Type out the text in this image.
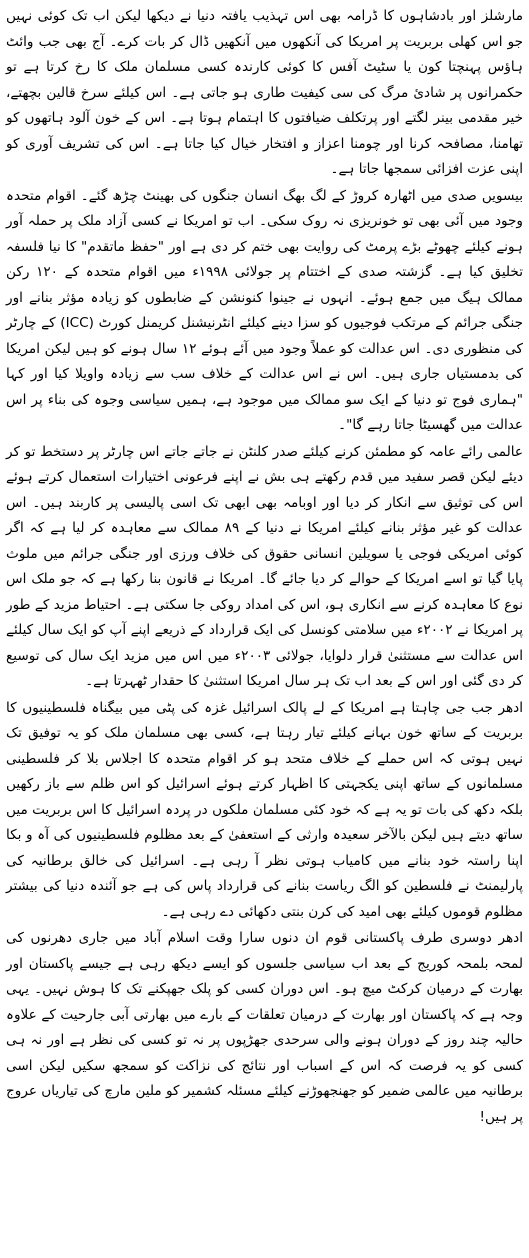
مارشلز اور بادشاہوں کا ڈرامہ بھی اس تہذیب یافتہ دنیا نے دیکھا لیکن اب تک کوئی نہیں جو اس کھلی بربریت پر امریکا کی آنکھوں میں آنکھیں ڈال کر بات کرے۔ آج بھی جب وائٹ ہاؤس پہنچتا کون یا سٹیٹ آفس کا کوئی کارندہ کسی مسلمان ملک کا رخ کرتا ہے تو حکمرانوں پر شادیٔ مرگ کی سی کیفیت طاری ہو جاتی ہے۔ اس کیلئے سرخ قالین بچھتے، خیر مقدمی بینر لگتے اور پرتکلف ضیافتوں کا اہتمام ہوتا ہے۔ اس کے خون آلود ہاتھوں کو تھامنا، مصافحہ کرنا اور چومنا اعزاز و افتخار خیال کیا جاتا ہے۔ اس کی تشریف آوری کو اپنی عزت افزائی سمجھا جاتا ہے۔

بیسویں صدی میں اٹھارہ کروڑ کے لگ بھگ انسان جنگوں کی بھینٹ چڑھ گئے۔ اقوام متحدہ وجود میں آئی بھی تو خونریزی نہ روک سکی۔ اب تو امریکا نے کسی آزاد ملک پر حملہ آور ہونے کیلئے چھوٹے بڑے پرمٹ کی روایت بھی ختم کر دی ہے اور "حفظ ماتقدم" کا نیا فلسفہ تخلیق کیا ہے۔ گزشتہ صدی کے اختتام پر جولائی ۱۹۹۸ء میں اقوام متحدہ کے ۱۲۰ رکن ممالک ہیگ میں جمع ہوئے۔ انہوں نے جینوا کنونشن کے ضابطوں کو زیادہ مؤثر بنانے اور جنگی جرائم کے مرتکب فوجیوں کو سزا دینے کیلئے انٹرنیشنل کریمنل کورٹ (ICC) کے چارٹر کی منظوری دی۔ اس عدالت کو عملاً وجود میں آئے ہوئے ۱۲ سال ہونے کو ہیں لیکن امریکا کی بدمستیاں جاری ہیں۔ اس نے اس عدالت کے خلاف سب سے زیادہ واویلا کیا اور کہا "ہماری فوج تو دنیا کے ایک سو ممالک میں موجود ہے، ہمیں سیاسی وجوہ کی بناء پر اس عدالت میں گھسیٹا جاتا رہے گا"۔

عالمی رائے عامہ کو مطمئن کرنے کیلئے صدر کلنٹن نے جاتے جاتے اس چارٹر پر دستخط تو کر دیئے لیکن قصر سفید میں قدم رکھتے ہی بش نے اپنے فرعونی اختیارات استعمال کرتے ہوئے اس کی توثیق سے انکار کر دیا اور اوبامہ بھی ابھی تک اسی پالیسی پر کاربند ہیں۔ اس عدالت کو غیر مؤثر بنانے کیلئے امریکا نے دنیا کے ۸۹ ممالک سے معاہدہ کر لیا ہے کہ اگر کوئی امریکی فوجی یا سویلین انسانی حقوق کی خلاف ورزی اور جنگی جرائم میں ملوث پایا گیا تو اسے امریکا کے حوالے کر دیا جائے گا۔ امریکا نے قانون بنا رکھا ہے کہ جو ملک اس نوع کا معاہدہ کرنے سے انکاری ہو، اس کی امداد روکی جا سکتی ہے۔ احتیاط مزید کے طور پر امریکا نے ۲۰۰۲ء میں سلامتی کونسل کی ایک قرارداد کے ذریعے اپنے آپ کو ایک سال کیلئے اس عدالت سے مستثنیٰ قرار دلوایا، جولائی ۲۰۰۳ء میں اس میں مزید ایک سال کی توسیع کر دی گئی اور اس کے بعد اب تک ہر سال امریکا استثنیٰ کا حقدار ٹھہرتا ہے۔

ادھر جب جی چاہتا ہے امریکا کے لے پالک اسرائیل غزہ کی پٹی میں بیگناہ فلسطینیوں کا بربریت کے ساتھ خون بہانے کیلئے تیار رہتا ہے، کسی بھی مسلمان ملک کو یہ توفیق تک نہیں ہوتی کہ اس حملے کے خلاف متحد ہو کر اقوام متحدہ کا اجلاس بلا کر فلسطینی مسلمانوں کے ساتھ اپنی یکجہتی کا اظہار کرتے ہوئے اسرائیل کو اس ظلم سے باز رکھیں بلکہ دکھ کی بات تو یہ ہے کہ خود کئی مسلمان ملکوں در پردہ اسرائیل کا اس بربریت میں ساتھ دیتے ہیں لیکن بالآخر سعیدہ وارثی کے استعفیٰ کے بعد مظلوم فلسطینیوں کی آہ و بکا اپنا راستہ خود بنانے میں کامیاب ہوتی نظر آ رہی ہے۔ اسرائیل کی خالق برطانیہ کی پارلیمنٹ نے فلسطین کو الگ ریاست بنانے کی قرارداد پاس کی ہے جو آئندہ دنیا کی بیشتر مظلوم قوموں کیلئے بھی امید کی کرن بنتی دکھائی دے رہی ہے۔

ادھر دوسری طرف پاکستانی قوم ان دنوں سارا وقت اسلام آباد میں جاری دھرنوں کی لمحہ بلمحہ کوریج کے بعد اب سیاسی جلسوں کو ایسے دیکھ رہی ہے جیسے پاکستان اور بھارت کے درمیان کرکٹ میچ ہو۔ اس دوران کسی کو پلک جھپکنے تک کا ہوش نہیں۔ یہی وجہ ہے کہ پاکستان اور بھارت کے درمیان تعلقات کے بارے میں بھارتی آبی جارحیت کے علاوہ حالیہ چند روز کے دوران ہونے والی سرحدی جھڑپوں پر نہ تو کسی کی نظر ہے اور نہ ہی کسی کو یہ فرصت کہ اس کے اسباب اور نتائج کی نزاکت کو سمجھ سکیں لیکن اسی برطانیہ میں عالمی ضمیر کو جھنجھوڑنے کیلئے مسئلہ کشمیر کو ملین مارچ کی تیاریاں عروج پر ہیں!
